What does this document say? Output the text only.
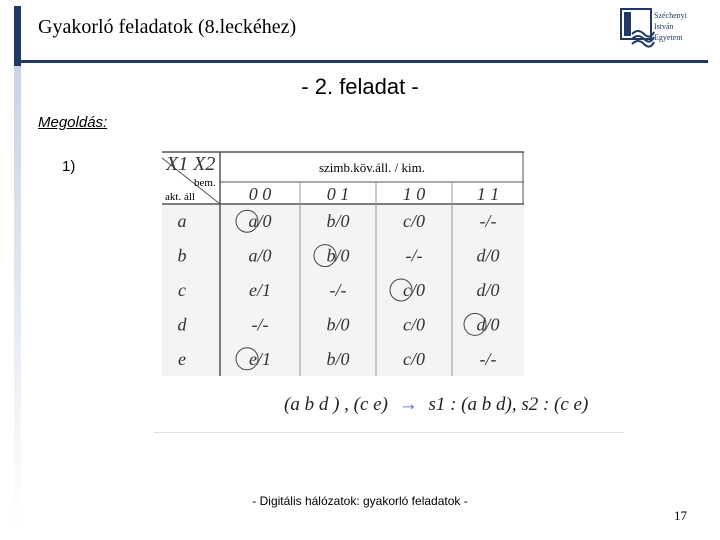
Gyakorló feladatok (8.leckéhez)
Széchenyi
István
Egyetem
- 2. feladat -
Megoldás:
1)	X1 X2
bem.
akt. áll
szimb.köv.áll. / kim.
0 0	0 1	1 0	1 1
a	a/0	b/0	c/0	-/-
b	a/0	b/0	-/-	d/0
c	e/1	-/-	c/0	d/0
d	-/-	b/0	c/0	d/0
e	e/1	b/0	c/0	-/-
(a b d ) , (c e) → s1 : (a b d), s2 : (c e)
- Digitális hálózatok: gyakorló feladatok -
17
